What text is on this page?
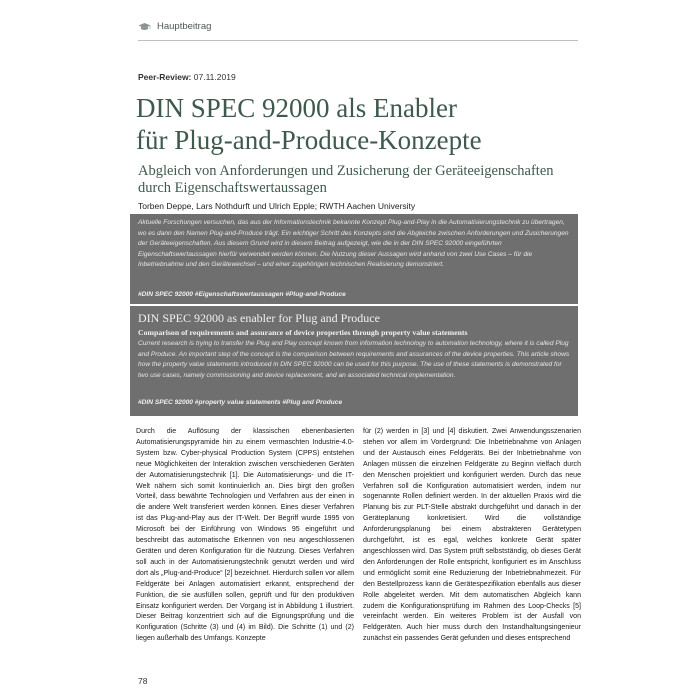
Hauptbeitrag
Peer-Review: 07.11.2019
DIN SPEC 92000 als Enabler
für Plug-and-Produce-Konzepte
Abgleich von Anforderungen und Zusicherung der Geräteeigenschaften durch Eigenschaftswertaussagen
Torben Deppe, Lars Nothdurft und Ulrich Epple; RWTH Aachen University

Aktuelle Forschungen versuchen, das aus der Informationstechnik bekannte Konzept Plug-and-Play in die Automatisierungstechnik zu übertragen, wo es dann den Namen Plug-and-Produce trägt. Ein wichtiger Schritt des Konzepts sind die Abgleiche zwischen Anforderungen und Zusicherungen der Geräteeigenschaften. Aus diesem Grund wird in diesem Beitrag aufgezeigt, wie die in der DIN SPEC 92000 eingeführten Eigenschaftswertaussagen hierfür verwendet werden können. Die Nutzung dieser Aussagen wird anhand von zwei Use Cases – für die Inbetriebnahme und den Gerätewechsel – und einer zugehörigen technischen Realisierung demonstriert.

#DIN SPEC 92000 #Eigenschaftswertaussagen #Plug-and-Produce
DIN SPEC 92000 as enabler for Plug and Produce
Comparison of requirements and assurance of device properties through property value statements

Current research is trying to transfer the Plug and Play concept known from information technology to automation technology, where it is called Plug and Produce. An important step of the concept is the comparison between requirements and assurances of the device properties. This article shows how the property value statements introduced in DIN SPEC 92000 can be used for this purpose. The use of these statements is demonstrated for two use cases, namely commissioning and device replacement, and an associated technical implementation.

#DIN SPEC 92000 #property value statements #Plug and Produce

Durch die Auflösung der klassischen ebenenbasierten Automatisierungspyramide hin zu einem vermaschten Industrie-4.0-System bzw. Cyber-physical Production System (CPPS) entstehen neue Möglichkeiten der Interaktion zwischen verschiedenen Geräten der Automatisierungstechnik [1]. Die Automatisierungs- und die IT-Welt nähern sich somit kontinuierlich an. Dies birgt den großen Vorteil, dass bewährte Technologien und Verfahren aus der einen in die andere Welt transferiert werden können. Eines dieser Verfahren ist das Plug-and-Play aus der IT-Welt. Der Begriff wurde 1995 von Microsoft bei der Einführung von Windows 95 eingeführt und beschreibt das automatische Erkennen von neu angeschlossenen Geräten und deren Konfiguration für die Nutzung. Dieses Verfahren soll auch in der Automatisierungstechnik genutzt werden und wird dort als „Plug-and-Produce“ [2] bezeichnet. Hierdurch sollen vor allem Feldgeräte bei Anlagen automatisiert erkannt, entsprechend der Funktion, die sie ausfüllen sollen, geprüft und für den produktiven Einsatz konfiguriert werden. Der Vorgang ist in Abbildung 1 illustriert. Dieser Beitrag konzentriert sich auf die Eignungsprüfung und die Konfiguration (Schritte (3) und (4) im Bild). Die Schritte (1) und (2) liegen außerhalb des Umfangs. Konzepte

für (2) werden in [3] und [4] diskutiert. Zwei Anwendungsszenarien stehen vor allem im Vordergrund: Die Inbetriebnahme von Anlagen und der Austausch eines Feldgeräts. Bei der Inbetriebnahme von Anlagen müssen die einzelnen Feldgeräte zu Beginn vielfach durch den Menschen projektiert und konfiguriert werden. Durch das neue Verfahren soll die Konfiguration automatisiert werden, indem nur sogenannte Rollen definiert werden. In der aktuellen Praxis wird die Planung bis zur PLT-Stelle abstrakt durchgeführt und danach in der Geräteplanung konkretisiert. Wird die vollständige Anforderungsplanung bei einem abstrakteren Gerätetypen durchgeführt, ist es egal, welches konkrete Gerät später angeschlossen wird. Das System prüft selbstständig, ob dieses Gerät den Anforderungen der Rolle entspricht, konfiguriert es im Anschluss und ermöglicht somit eine Reduzierung der Inbetriebnahmezeit. Für den Bestellprozess kann die Gerätespezifikation ebenfalls aus dieser Rolle abgeleitet werden. Mit dem automatischen Abgleich kann zudem die Konfigurationsprüfung im Rahmen des Loop-Checks [5] vereinfacht werden. Ein weiteres Problem ist der Ausfall von Feldgeräten. Auch hier muss durch den Instandhaltungsingenieur zunächst ein passendes Gerät gefunden und dieses entsprechend

78
